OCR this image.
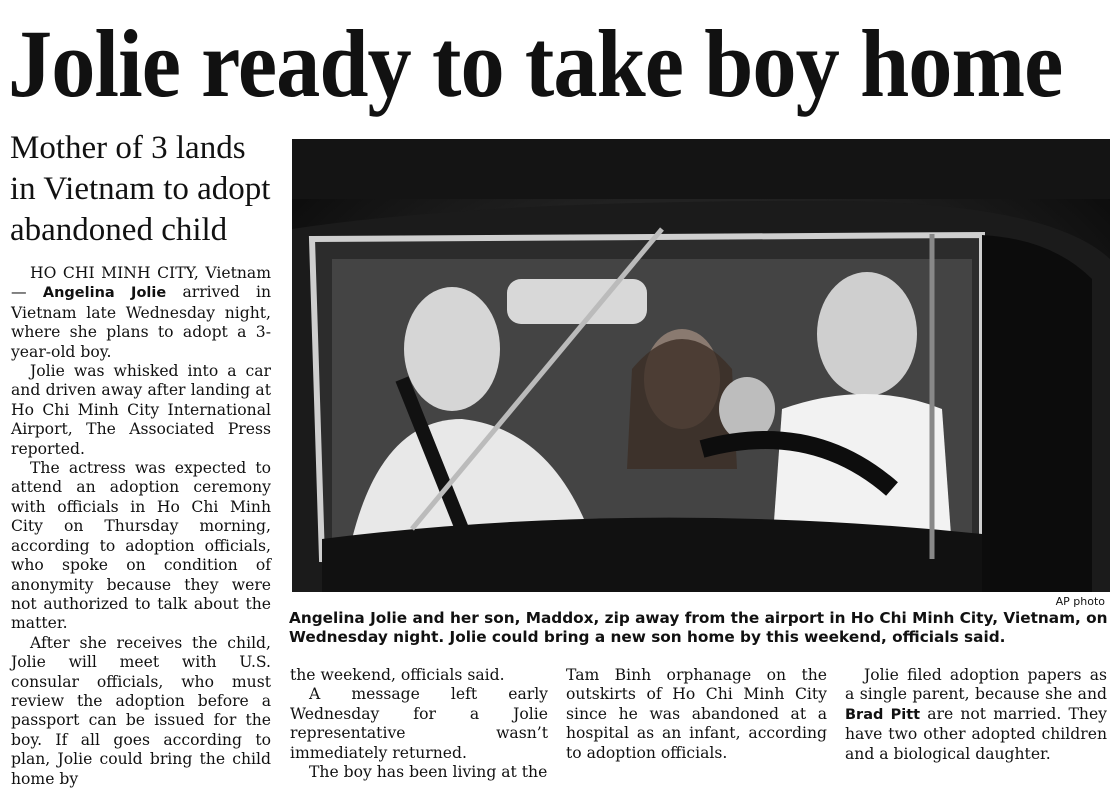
Jolie ready to take boy home
Mother of 3 lands
in Vietnam to adopt
abandoned child
AP photo
Angelina Jolie and her son, Maddox, zip away from the airport in Ho Chi Minh City, Vietnam, on Wednesday night. Jolie could bring a new son home by this weekend, officials said.

HO CHI MINH CITY, Vietnam — Angelina Jolie arrived in Vietnam late Wednesday night, where she plans to adopt a 3-year-old boy.

Jolie was whisked into a car and driven away after landing at Ho Chi Minh City International Airport, The Associated Press reported.

The actress was expected to attend an adoption ceremony with officials in Ho Chi Minh City on Thursday morning, according to adoption officials, who spoke on condition of anonymity because they were not authorized to talk about the matter.

After she receives the child, Jolie will meet with U.S. consular officials, who must review the adoption before a passport can be issued for the boy. If all goes according to plan, Jolie could bring the child home by

the weekend, officials said.

A message left early Wednesday for a Jolie representative wasn’t immediately returned.

The boy has been living at the

Tam Binh orphanage on the outskirts of Ho Chi Minh City since he was abandoned at a hospital as an infant, according to adoption officials.

Jolie filed adoption papers as a single parent, because she and Brad Pitt are not married. They have two other adopted children and a biological daughter.
